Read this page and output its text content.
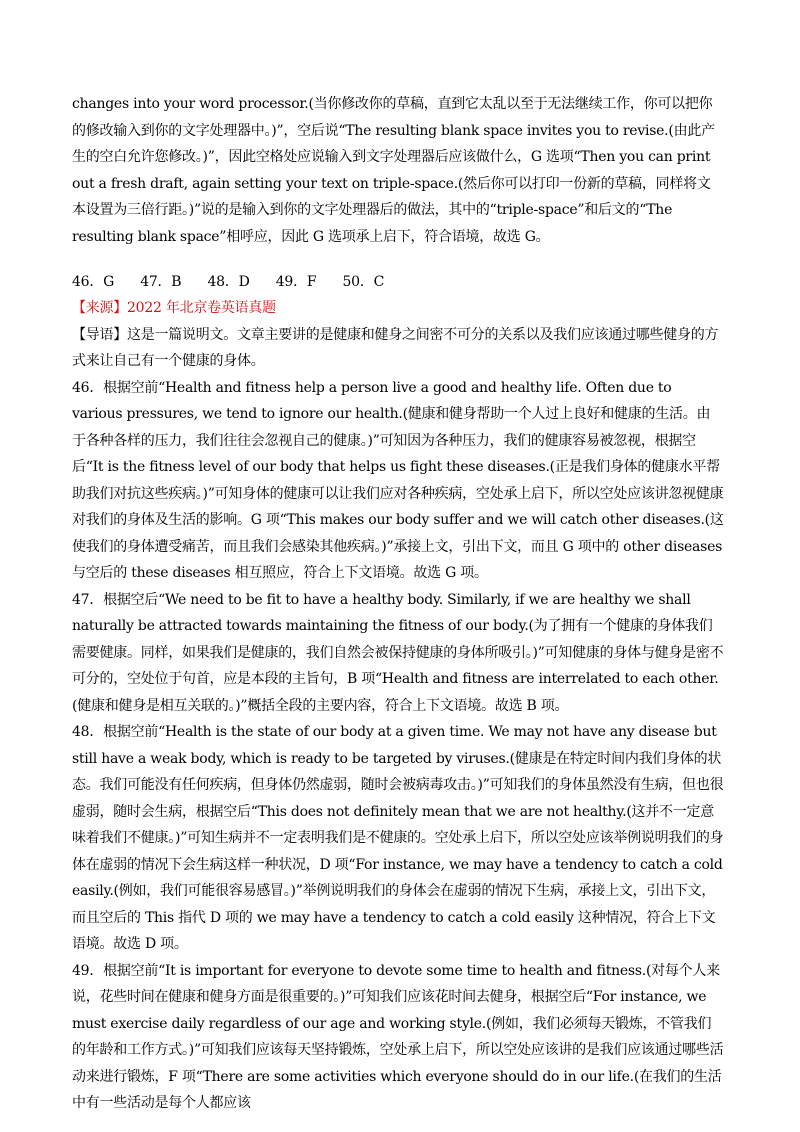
changes into your word processor.(当你修改你的草稿，直到它太乱以至于无法继续工作，你可以把你的修改输入到你的文字处理器中。)”，空后说“The resulting blank space invites you to revise.(由此产生的空白允许您修改。)”，因此空格处应说输入到文字处理器后应该做什么，G 选项“Then you can print out a fresh draft, again setting your text on triple-space.(然后你可以打印一份新的草稿，同样将文本设置为三倍行距。)”说的是输入到你的文字处理器后的做法，其中的“triple-space”和后文的“The resulting blank space”相呼应，因此 G 选项承上启下，符合语境，故选 G。
46．G 47．B 48．D 49．F 50．C
【来源】2022 年北京卷英语真题
【导语】这是一篇说明文。文章主要讲的是健康和健身之间密不可分的关系以及我们应该通过哪些健身的方式来让自己有一个健康的身体。
46．根据空前“Health and fitness help a person live a good and healthy life. Often due to various pressures, we tend to ignore our health.(健康和健身帮助一个人过上良好和健康的生活。由于各种各样的压力，我们往往会忽视自己的健康。)”可知因为各种压力，我们的健康容易被忽视，根据空后“It is the fitness level of our body that helps us fight these diseases.(正是我们身体的健康水平帮助我们对抗这些疾病。)”可知身体的健康可以让我们应对各种疾病，空处承上启下，所以空处应该讲忽视健康对我们的身体及生活的影响。G 项“This makes our body suffer and we will catch other diseases.(这使我们的身体遭受痛苦，而且我们会感染其他疾病。)”承接上文，引出下文，而且 G 项中的 other diseases 与空后的 these diseases 相互照应，符合上下文语境。故选 G 项。
47．根据空后“We need to be fit to have a healthy body. Similarly, if we are healthy we shall naturally be attracted towards maintaining the fitness of our body.(为了拥有一个健康的身体我们需要健康。同样，如果我们是健康的，我们自然会被保持健康的身体所吸引。)”可知健康的身体与健身是密不可分的，空处位于句首，应是本段的主旨句，B 项“Health and fitness are interrelated to each other.(健康和健身是相互关联的。)”概括全段的主要内容，符合上下文语境。故选 B 项。
48．根据空前“Health is the state of our body at a given time. We may not have any disease but still have a weak body, which is ready to be targeted by viruses.(健康是在特定时间内我们身体的状态。我们可能没有任何疾病，但身体仍然虚弱，随时会被病毒攻击。)”可知我们的身体虽然没有生病，但也很虚弱，随时会生病，根据空后“This does not definitely mean that we are not healthy.(这并不一定意味着我们不健康。)”可知生病并不一定表明我们是不健康的。空处承上启下，所以空处应该举例说明我们的身体在虚弱的情况下会生病这样一种状况，D 项“For instance, we may have a tendency to catch a cold easily.(例如，我们可能很容易感冒。)”举例说明我们的身体会在虚弱的情况下生病，承接上文，引出下文，而且空后的 This 指代 D 项的 we may have a tendency to catch a cold easily 这种情况，符合上下文语境。故选 D 项。
49．根据空前“It is important for everyone to devote some time to health and fitness.(对每个人来说，花些时间在健康和健身方面是很重要的。)”可知我们应该花时间去健身，根据空后“For instance, we must exercise daily regardless of our age and working style.(例如，我们必须每天锻炼，不管我们的年龄和工作方式。)”可知我们应该每天坚持锻炼，空处承上启下，所以空处应该讲的是我们应该通过哪些活动来进行锻炼，F 项“There are some activities which everyone should do in our life.(在我们的生活中有一些活动是每个人都应该
